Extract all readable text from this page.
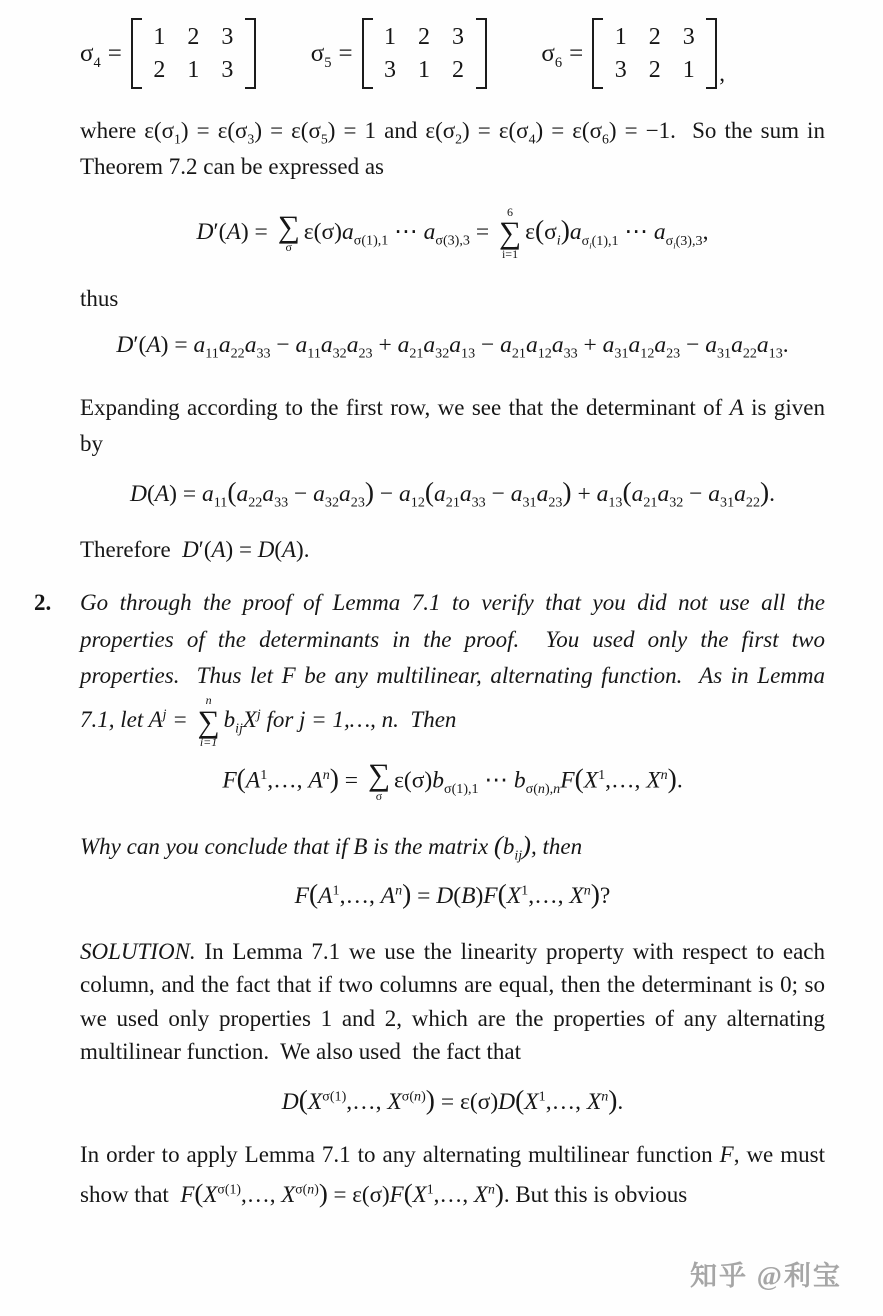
$\sigma_4$ =
1 2 3
2 1 3
$\sigma_5$ =
1 2 3
3 1 2
$\sigma_6$ =
1 2 3
3 2 1 ,
where $\varepsilon(\sigma_1) = \varepsilon(\sigma_3) = \varepsilon(\sigma_5) = 1$ and $\varepsilon(\sigma_2) = \varepsilon(\sigma_4) = \varepsilon(\sigma_6) = -1$.  So the sum in Theorem 7.2 can be expressed as
D′(A) = ∑
σ
$\varepsilon(\sigma)a_{\sigma(1),1}$ ⋯ $a_{\sigma(3),3}$ =
6
∑
i=1
$\varepsilon(\sigma_i)a_{\sigma_i(1),1}$ ⋯ $a_{\sigma_i(3),3}$,
thus
$D'(A) = a_{11}a_{22}a_{33} - a_{11}a_{32}a_{23} + a_{21}a_{32}a_{13} - a_{21}a_{12}a_{33} + a_{31}a_{12}a_{23} - a_{31}a_{22}a_{13}$.
Expanding according to the first row, we see that the determinant of A is given by
$D(A) = a_{11}(a_{22}a_{33} - a_{32}a_{23}) - a_{12}(a_{21}a_{33} - a_{31}a_{23}) + a_{13}(a_{21}a_{32} - a_{31}a_{22})$.
Therefore  D′(A) = D(A).
2. Go through the proof of Lemma 7.1 to verify that you did not use all the properties of the determinants in the proof.  You used only the first two properties.  Thus let F be any multilinear, alternating function.  As in Lemma 7.1, let $A^j$ =
n
∑
i=1
$b_{ij}X^j$ for j = 1,…, n.  Then
$F(A^1,\dots$, $A^n$) = ∑
σ
$\varepsilon(\sigma)b_{\sigma(1),1}$ ⋯ $b_{\sigma(n),n}F(X^1,\dots$, $X^n$).
Why can you conclude that if B is the matrix $(b_{ij})$, then
$F(A^1,\dots$, $A^n$) = $D(B)F(X^1,\dots$, $X^n$)?
SOLUTION. In Lemma 7.1 we use the linearity property with respect to each column, and the fact that if two columns are equal, then the determinant is 0; so we used only properties 1 and 2, which are the properties of any alternating multilinear function.  We also used  the fact that
$D(X^{\sigma(1)},\dots$, $X^{\sigma(n)}$) = $\varepsilon(\sigma)D(X^1,\dots$, $X^n$).
In order to apply Lemma 7.1 to any alternating multilinear function F, we must show that  $F(X^{\sigma(1)},\dots$, $X^{\sigma(n)}$) = $\varepsilon(\sigma)F(X^1,\dots$, $X^n$). But this is obvious
知乎 @利宝
